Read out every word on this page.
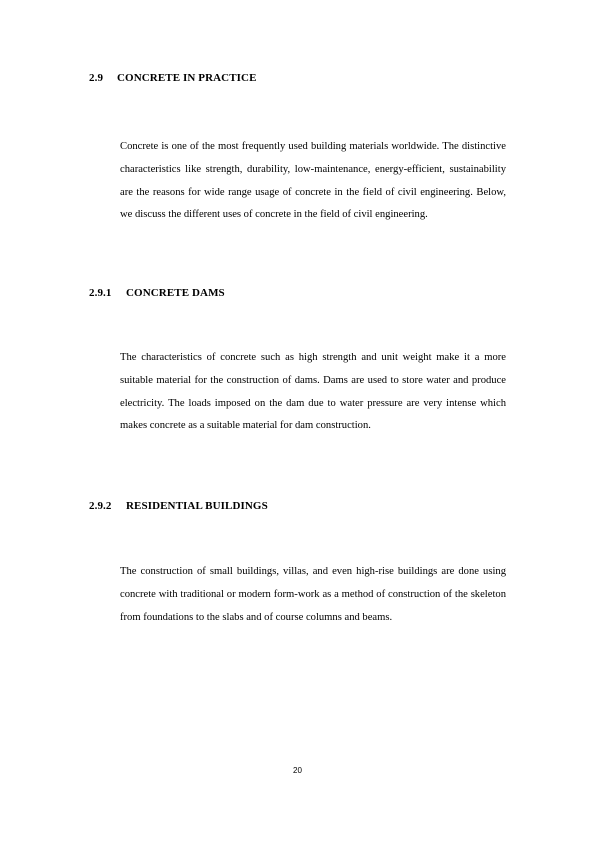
2.9 CONCRETE IN PRACTICE

Concrete is one of the most frequently used building materials worldwide. The distinctive characteristics like strength, durability, low-maintenance, energy-efficient, sustainability are the reasons for wide range usage of concrete in the field of civil engineering. Below, we discuss the different uses of concrete in the field of civil engineering.

2.9.1 CONCRETE DAMS

The characteristics of concrete such as high strength and unit weight make it a more suitable material for the construction of dams. Dams are used to store water and produce electricity. The loads imposed on the dam due to water pressure are very intense which makes concrete as a suitable material for dam construction.

2.9.2 RESIDENTIAL BUILDINGS

The construction of small buildings, villas, and even high-rise buildings are done using concrete with traditional or modern form-work as a method of construction of the skeleton from foundations to the slabs and of course columns and beams.

20
